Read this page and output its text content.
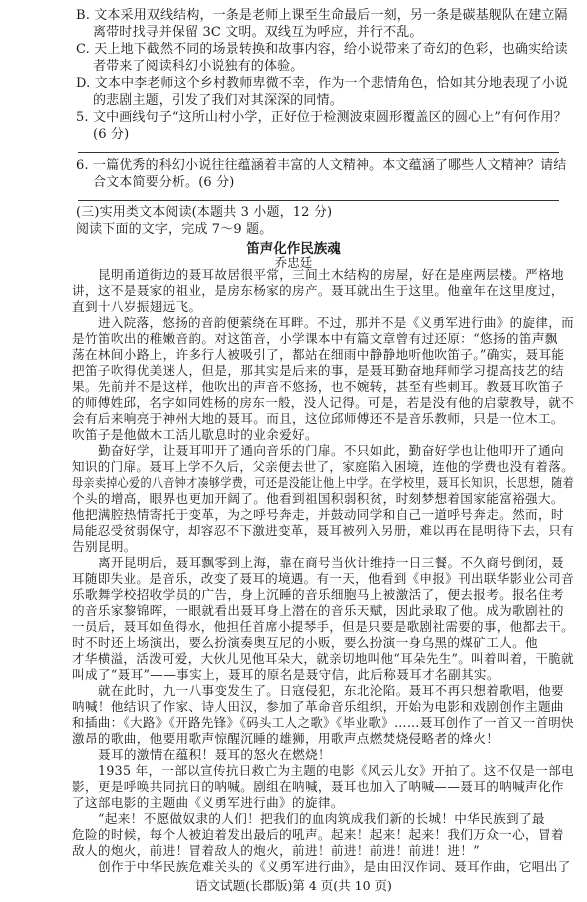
B. 文本采用双线结构，一条是老师上课至生命最后一刻，另一条是碳基舰队在建立隔
离带时找寻并保留 3C 文明。双线互为呼应，并行不乱。
C. 天上地下截然不同的场景转换和故事内容，给小说带来了奇幻的色彩，也确实给读
者带来了阅读科幻小说独有的体验。
D. 文本中李老师这个乡村教师卑微不幸，作为一个悲情角色，恰如其分地表现了小说
的悲剧主题，引发了我们对其深深的同情。
5. 文中画线句子“这所山村小学，正好位于检测波束圆形覆盖区的圆心上”有何作用？
(6 分)
6. 一篇优秀的科幻小说往往蕴涵着丰富的人文精神。本文蕴涵了哪些人文精神？请结
合文本简要分析。(6 分)
(三)实用类文本阅读(本题共 3 小题，12 分)
阅读下面的文字，完成 7～9 题。
笛声化作民族魂
乔忠廷
昆明甬道街边的聂耳故居很平常，三间土木结构的房屋，好在是座两层楼。严格地
讲，这不是聂家的祖业，是房东杨家的房产。聂耳就出生于这里。他童年在这里度过，
直到十八岁振翅远飞。
进入院落，悠扬的音韵便萦绕在耳畔。不过，那并不是《义勇军进行曲》的旋律，而
是竹笛吹出的稚嫩音韵。对这笛音，小学课本中有篇文章曾有过还原：“悠扬的笛声飘
荡在林间小路上，许多行人被吸引了，都站在细雨中静静地听他吹笛子。”确实，聂耳能
把笛子吹得优美迷人，但是，那其实是后来的事，是聂耳勤奋地拜师学习提高技艺的结
果。先前并不是这样，他吹出的声音不悠扬，也不婉转，甚至有些刺耳。教聂耳吹笛子
的师傅姓邱，名字如同姓杨的房东一般，没人记得。可是，若是没有他的启蒙教导，就不
会有后来响亮于神州大地的聂耳。而且，这位邱师傅还不是音乐教师，只是一位木工。
吹笛子是他做木工活儿歇息时的业余爱好。
勤奋好学，让聂耳叩开了通向音乐的门扉。不只如此，勤奋好学也让他叩开了通向
知识的门扉。聂耳上学不久后，父亲便去世了，家庭陷入困境，连他的学费也没有着落。
母亲卖掉心爱的八音钟才凑够学费，可还是没能让他上中学。在学校里，聂耳长知识，长思想，随着
个头的增高，眼界也更加开阔了。他看到祖国积弱积贫，时刻梦想着国家能富裕强大。
他把满腔热情寄托于变革，为之呼号奔走，并鼓动同学和自己一道呼号奔走。然而，时
局能忍受贫弱保守，却容忍不下激进变革，聂耳被列入另册，难以再在昆明待下去，只有
告别昆明。
离开昆明后，聂耳飘零到上海，靠在商号当伙计维持一日三餐。不久商号倒闭，聂
耳随即失业。是音乐，改变了聂耳的境遇。有一天，他看到《申报》刊出联华影业公司音
乐歌舞学校招收学员的广告，身上沉睡的音乐细胞马上被激活了，便去报考。报名住考
的音乐家黎锦晖，一眼就看出聂耳身上潜在的音乐天赋，因此录取了他。成为歌剧社的
一员后，聂耳如鱼得水，他担任首席小提琴手，但是只要是歌剧社需要的事，他都去干。
时不时还上场演出，要么扮演奏奥互尼的小贩，要么扮演一身乌黑的煤矿工人。他
才华横溢，活泼可爱，大伙儿见他耳朵大，就亲切地叫他“耳朵先生”。叫着叫着，干脆就
叫成了“聂耳”——事实上，聂耳的原名是聂守信，此后称聂耳才名副其实。
就在此时，九一八事变发生了。日寇侵犯，东北沦陷。聂耳不再只想着歌唱，他要
呐喊！他结识了作家、诗人田汉，参加了革命音乐组织，开始为电影和戏剧创作主题曲
和插曲：《大路》《开路先锋》《码头工人之歌》《毕业歌》……聂耳创作了一首又一首明快
激昂的歌曲，他要用歌声惊醒沉睡的雄狮，用歌声点燃焚烧侵略者的烽火！
聂耳的激情在蕴积！聂耳的怒火在燃烧！
1935 年，一部以宣传抗日救亡为主题的电影《风云儿女》开拍了。这不仅是一部电
影，更是呼唤共同抗日的呐喊。剧组在呐喊，聂耳也加入了呐喊——聂耳的呐喊声化作
了这部电影的主题曲《义勇军进行曲》的旋律。
“起来！不愿做奴隶的人们！把我们的血肉筑成我们新的长城！中华民族到了最
危险的时候，每个人被迫着发出最后的吼声。起来！起来！起来！我们万众一心，冒着
敌人的炮火，前进！冒着敌人的炮火，前进！前进！前进！前进！进！”
创作于中华民族危难关头的《义勇军进行曲》，是由田汉作词、聂耳作曲，它唱出了
语文试题(长郡版)第 4 页(共 10 页)
